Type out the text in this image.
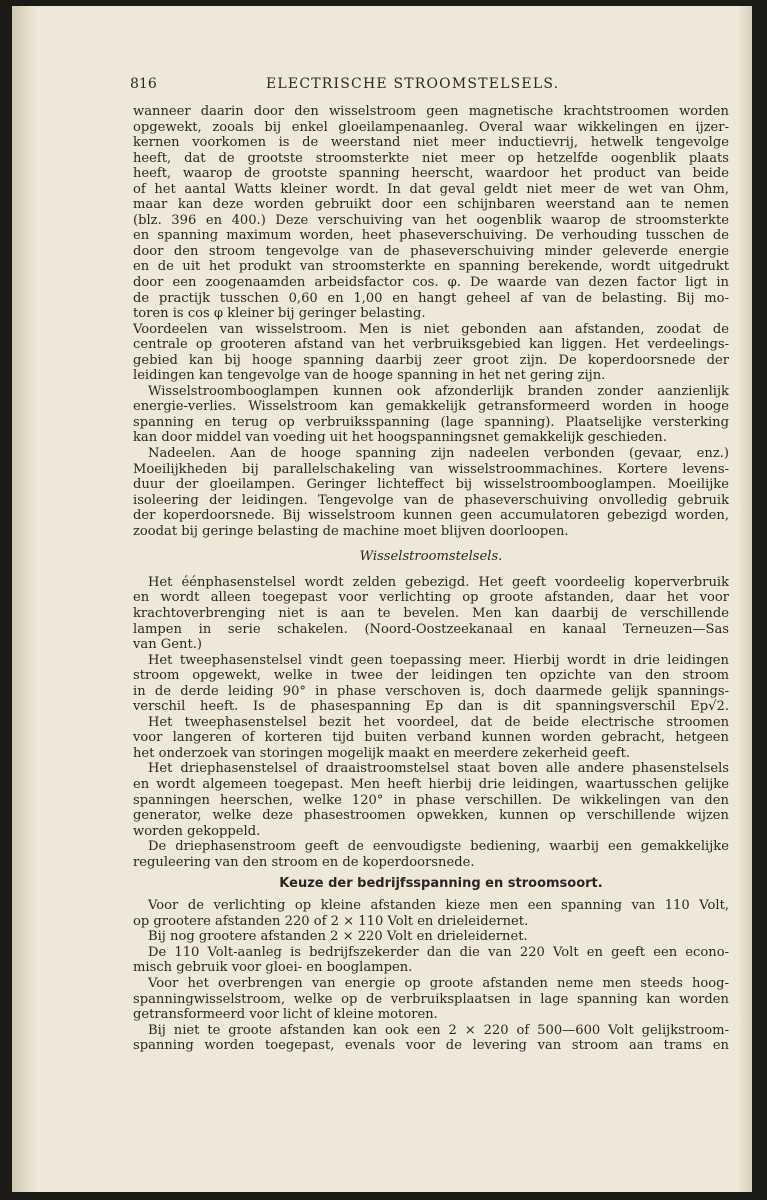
816	ELECTRISCHE STROOMSTELSELS.
wanneer daarin door den wisselstroom geen magnetische krachtstroomen worden
opgewekt, zooals bij enkel gloeilampenaanleg. Overal waar wikkelingen en ijzer-
kernen voorkomen is de weerstand niet meer inductievrij, hetwelk tengevolge
heeft, dat de grootste stroomsterkte niet meer op hetzelfde oogenblik plaats
heeft, waarop de grootste spanning heerscht, waardoor het product van beide
of het aantal Watts kleiner wordt. In dat geval geldt niet meer de wet van Ohm,
maar kan deze worden gebruikt door een schijnbaren weerstand aan te nemen
(blz. 396 en 400.) Deze verschuiving van het oogenblik waarop de stroomsterkte
en spanning maximum worden, heet phaseverschuiving. De verhouding tusschen de
door den stroom tengevolge van de phaseverschuiving minder geleverde energie
en de uit het produkt van stroomsterkte en spanning berekende, wordt uitgedrukt
door een zoogenaamden arbeidsfactor cos. φ. De waarde van dezen factor ligt in
de practijk tusschen 0,60 en 1,00 en hangt geheel af van de belasting. Bij mo-
toren is cos φ kleiner bij geringer belasting.
Voordeelen van wisselstroom. Men is niet gebonden aan afstanden, zoodat de
centrale op grooteren afstand van het verbruiksgebied kan liggen. Het verdeelings-
gebied kan bij hooge spanning daarbij zeer groot zijn. De koperdoorsnede der
leidingen kan tengevolge van de hooge spanning in het net gering zijn.
Wisselstroombooglampen kunnen ook afzonderlijk branden zonder aanzienlijk
energie-verlies. Wisselstroom kan gemakkelijk getransformeerd worden in hooge
spanning en terug op verbruiksspanning (lage spanning). Plaatselijke versterking
kan door middel van voeding uit het hoogspanningsnet gemakkelijk geschieden.
Nadeelen. Aan de hooge spanning zijn nadeelen verbonden (gevaar, enz.)
Moeilijkheden bij parallelschakeling van wisselstroommachines. Kortere levens-
duur der gloeilampen. Geringer lichteffect bij wisselstroombooglampen. Moeilijke
isoleering der leidingen. Tengevolge van de phaseverschuiving onvolledig gebruik
der koperdoorsnede. Bij wisselstroom kunnen geen accumulatoren gebezigd worden,
zoodat bij geringe belasting de machine moet blijven doorloopen.
Wisselstroomstelsels.
Het éénphasenstelsel wordt zelden gebezigd. Het geeft voordeelig koperverbruik
en wordt alleen toegepast voor verlichting op groote afstanden, daar het voor
krachtoverbrenging niet is aan te bevelen. Men kan daarbij de verschillende
lampen in serie schakelen. (Noord-Oostzeekanaal en kanaal Terneuzen—Sas
van Gent.)
Het tweephasenstelsel vindt geen toepassing meer. Hierbij wordt in drie leidingen
stroom opgewekt, welke in twee der leidingen ten opzichte van den stroom
in de derde leiding 90° in phase verschoven is, doch daarmede gelijk spannings-
verschil heeft. Is de phasespanning Ep dan is dit spanningsverschil Ep√2.
Het tweephasenstelsel bezit het voordeel, dat de beide electrische stroomen
voor langeren of korteren tijd buiten verband kunnen worden gebracht, hetgeen
het onderzoek van storingen mogelijk maakt en meerdere zekerheid geeft.
Het driephasenstelsel of draaistroomstelsel staat boven alle andere phasenstelsels
en wordt algemeen toegepast. Men heeft hierbij drie leidingen, waartusschen gelijke
spanningen heerschen, welke 120° in phase verschillen. De wikkelingen van den
generator, welke deze phasestroomen opwekken, kunnen op verschillende wijzen
worden gekoppeld.
De driephasenstroom geeft de eenvoudigste bediening, waarbij een gemakkelijke
reguleering van den stroom en de koperdoorsnede.
Keuze der bedrijfsspanning en stroomsoort.
Voor de verlichting op kleine afstanden kieze men een spanning van 110 Volt,
op grootere afstanden 220 of 2 × 110 Volt en drieleidernet.
Bij nog grootere afstanden 2 × 220 Volt en drieleidernet.
De 110 Volt-aanleg is bedrijfszekerder dan die van 220 Volt en geeft een econo-
misch gebruik voor gloei- en booglampen.
Voor het overbrengen van energie op groote afstanden neme men steeds hoog-
spanningwisselstroom, welke op de verbruiksplaatsen in lage spanning kan worden
getransformeerd voor licht of kleine motoren.
Bij niet te groote afstanden kan ook een 2 × 220 of 500—600 Volt gelijkstroom-
spanning worden toegepast, evenals voor de levering van stroom aan trams en
